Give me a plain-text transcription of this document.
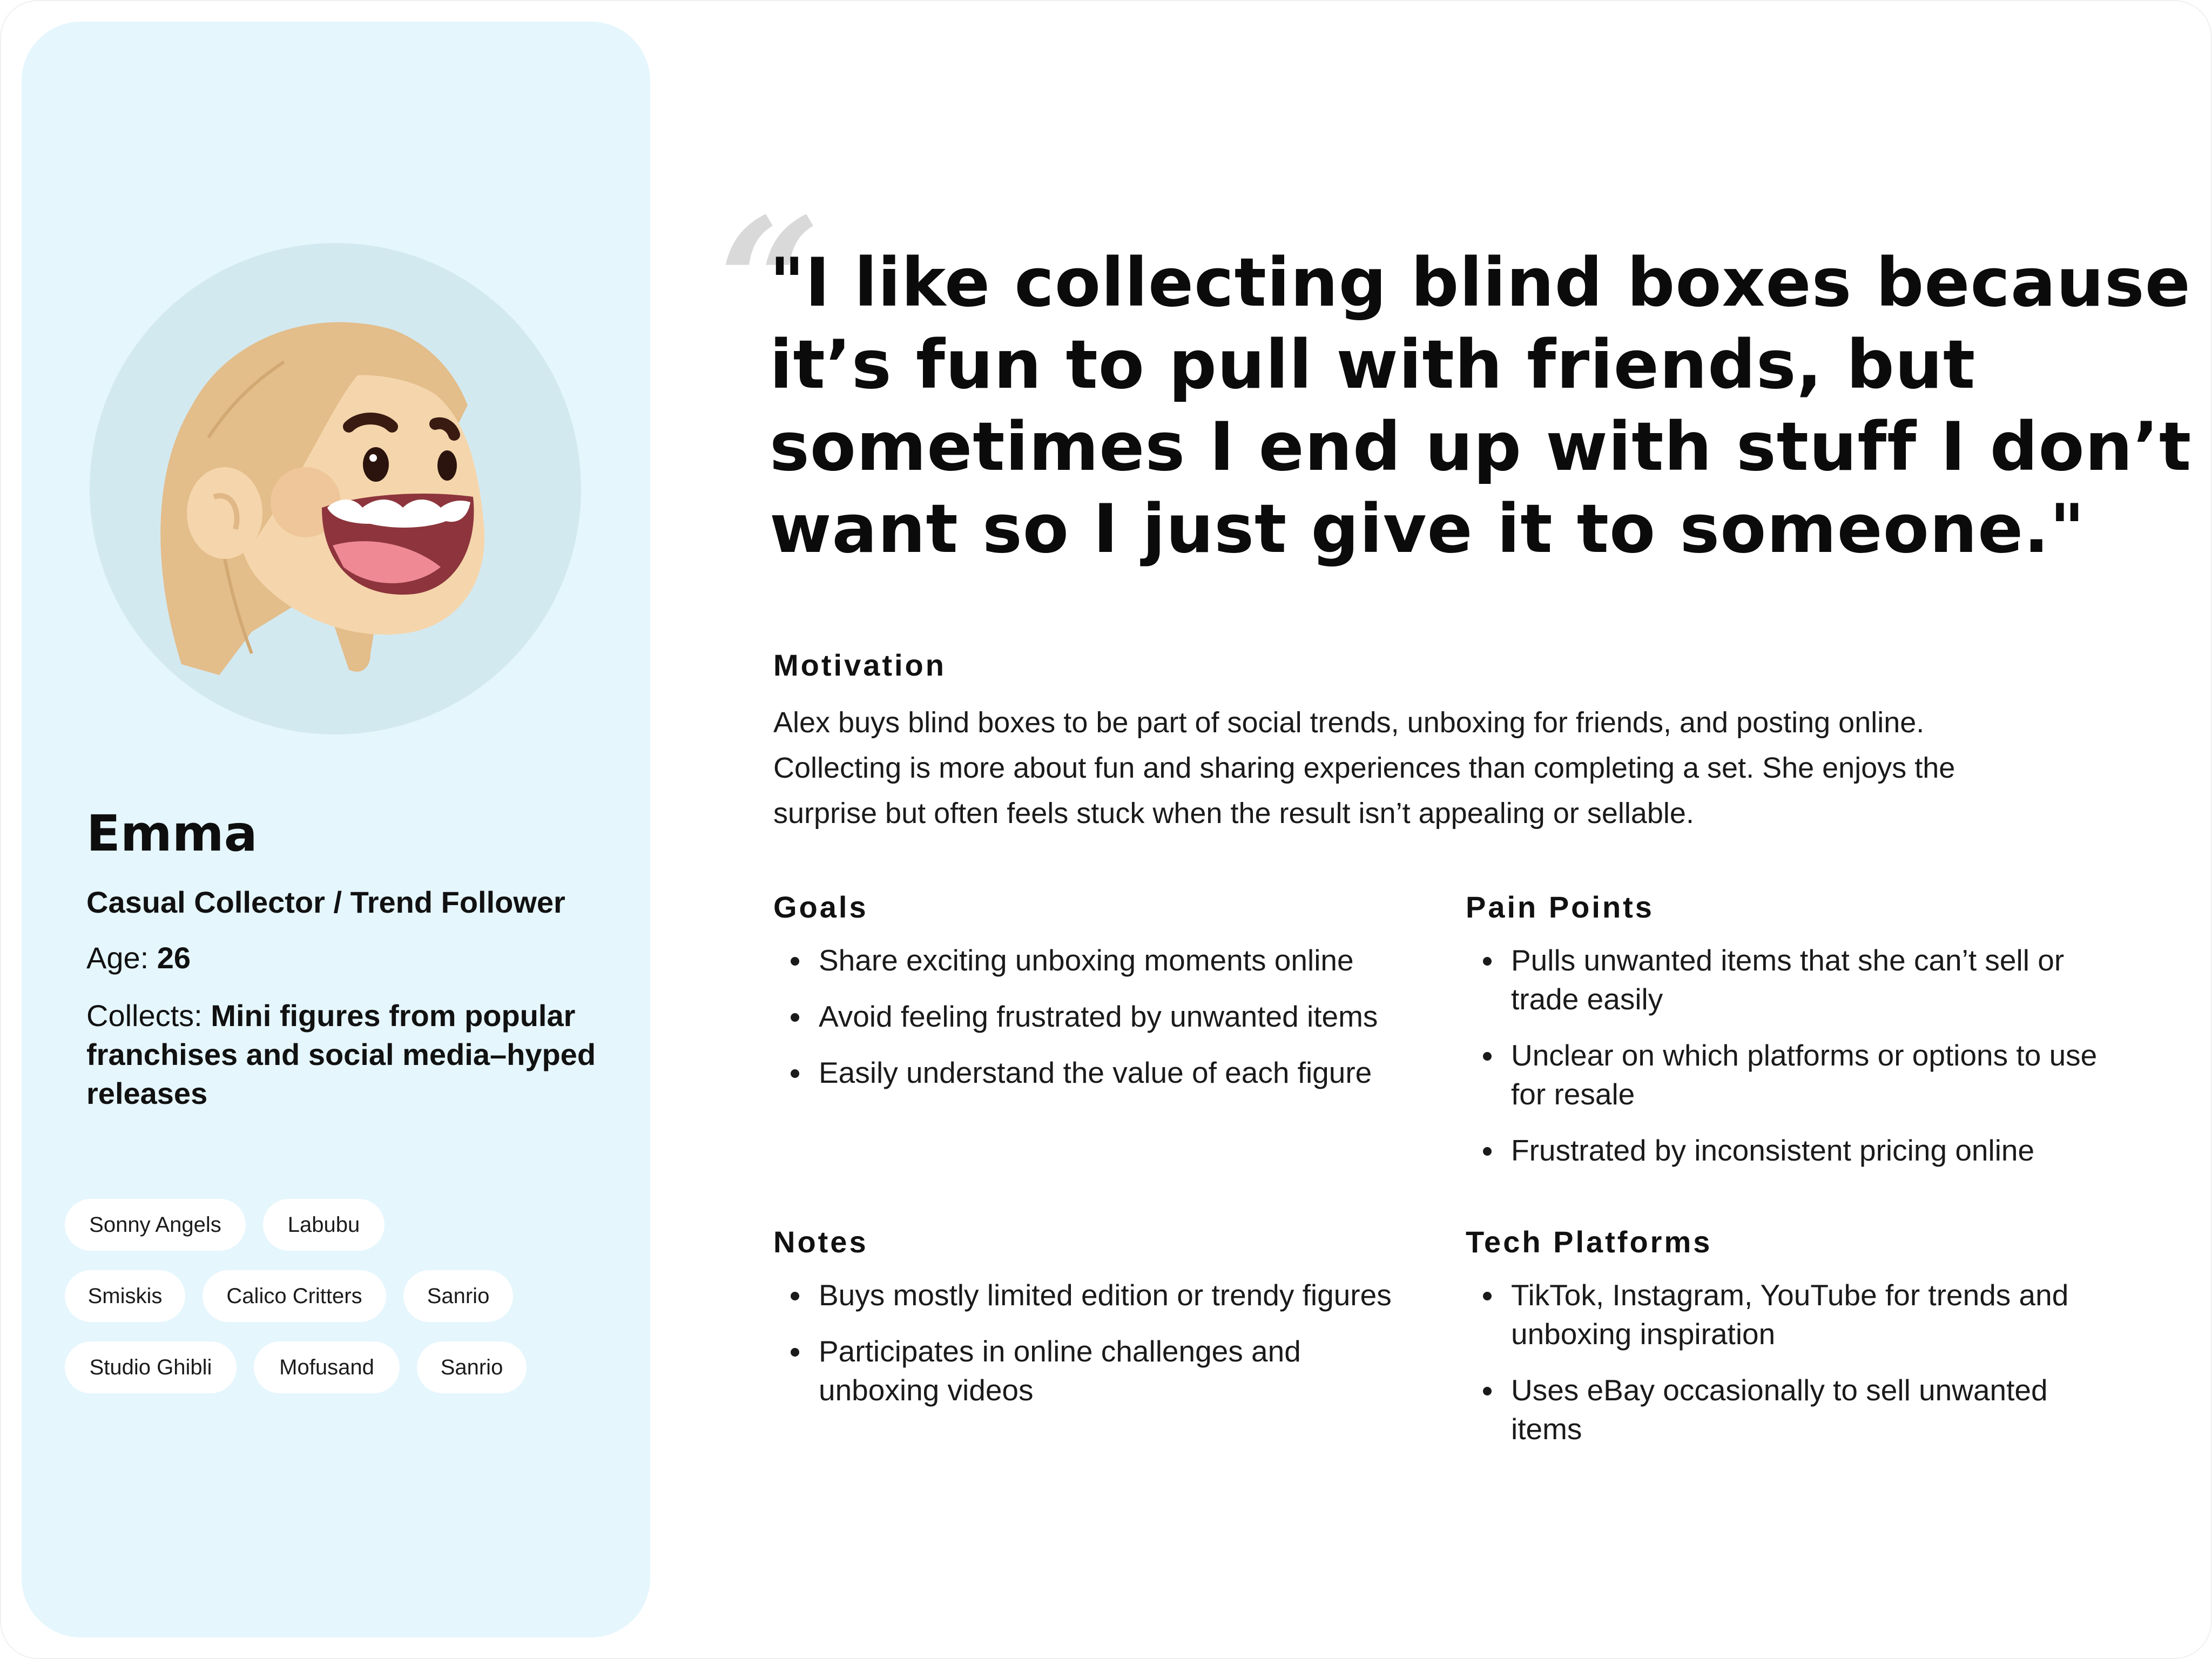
Emma
Casual Collector / Trend Follower
Age: 26
Collects: Mini figures from popular franchises and social media–hyped releases
Sonny Angels	Labubu
Smiskis	Calico Critters	Sanrio
Studio Ghibli	Mofusand	Sanrio
“
"I like collecting blind boxes because
it’s fun to pull with friends, but
sometimes I end up with stuff I don’t
want so I just give it to someone."
Motivation

Alex buys blind boxes to be part of social trends, unboxing for friends, and posting online.

Collecting is more about fun and sharing experiences than completing a set. She enjoys the

surprise but often feels stuck when the result isn’t appealing or sellable.

Goals
Share exciting unboxing moments online
Avoid feeling frustrated by unwanted items
Easily understand the value of each figure
Pain Points
Pulls unwanted items that she can’t sell or trade easily
Unclear on which platforms or options to use for resale
Frustrated by inconsistent pricing online
Notes
Buys mostly limited edition or trendy figures
Participates in online challenges and unboxing videos
Tech Platforms
TikTok, Instagram, YouTube for trends and unboxing inspiration
Uses eBay occasionally to sell unwanted items
